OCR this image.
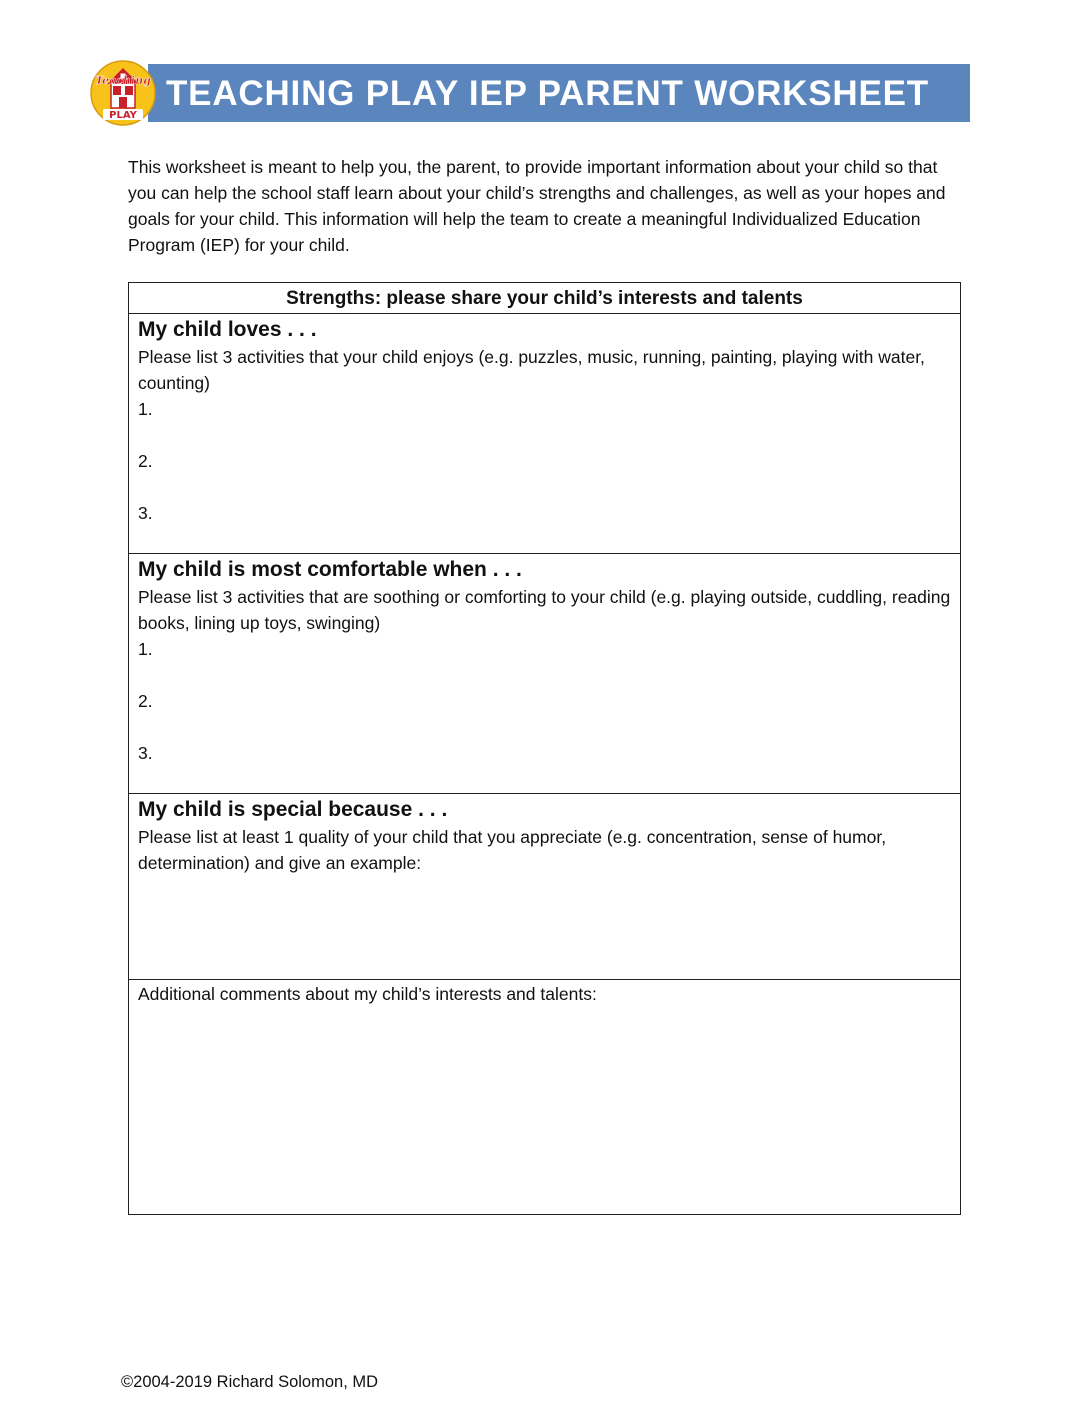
TEACHING PLAY IEP PARENT WORKSHEET
Teaching
PLAY
This worksheet is meant to help you, the parent, to provide important information about your child so that you can help the school staff learn about your child’s strengths and challenges, as well as your hopes and goals for your child. This information will help the team to create a meaningful Individualized Education Program (IEP) for your child.
Strengths: please share your child’s interests and talents

My child loves . . .
Please list 3 activities that your child enjoys (e.g. puzzles, music, running, painting, playing with water, counting)
1.
2.
3.

My child is most comfortable when . . .
Please list 3 activities that are soothing or comforting to your child (e.g. playing outside, cuddling, reading books, lining up toys, swinging)
1.
2.
3.

My child is special because . . .
Please list at least 1 quality of your child that you appreciate (e.g. concentration, sense of humor, determination) and give an example:

Additional comments about my child’s interests and talents:
©2004-2019 Richard Solomon, MD
